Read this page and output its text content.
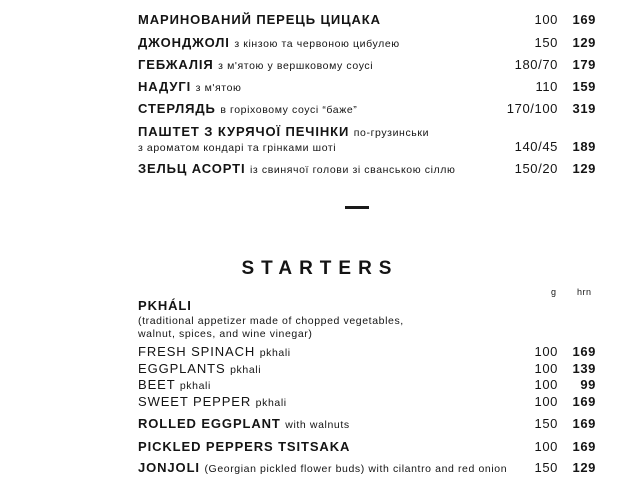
МАРИНОВАНИЙ ПЕРЕЦЬ ЦИЦАКА	100	169
ДЖОНДЖОЛІ з кінзою та червоною цибулею	150	129
ГЕБЖАЛІЯ з м'ятою у вершковому соусі	180/70	179
НАДУГІ з м'ятою	110	159
СТЕРЛЯДЬ в горіховому соусі “баже”	170/100	319
ПАШТЕТ З КУРЯЧОЇ ПЕЧІНКИ по-грузинськи
з ароматом кондарі та грінками шоті	140/45	189
ЗЕЛЬЦ АСОРТІ із свинячої голови зі сванською сіллю	150/20	129
STARTERS
g hrn
PKHÁLI
(traditional appetizer made of chopped vegetables,
walnut, spices, and wine vinegar)
FRESH SPINACH pkhali	100	169
EGGPLANTS pkhali	100	139
BEET pkhali	100	99
SWEET PEPPER pkhali	100	169
ROLLED EGGPLANT with walnuts	150	169
PICKLED PEPPERS TSITSAKA	100	169
JONJOLI (Georgian pickled flower buds) with cilantro and red onion 150	129
